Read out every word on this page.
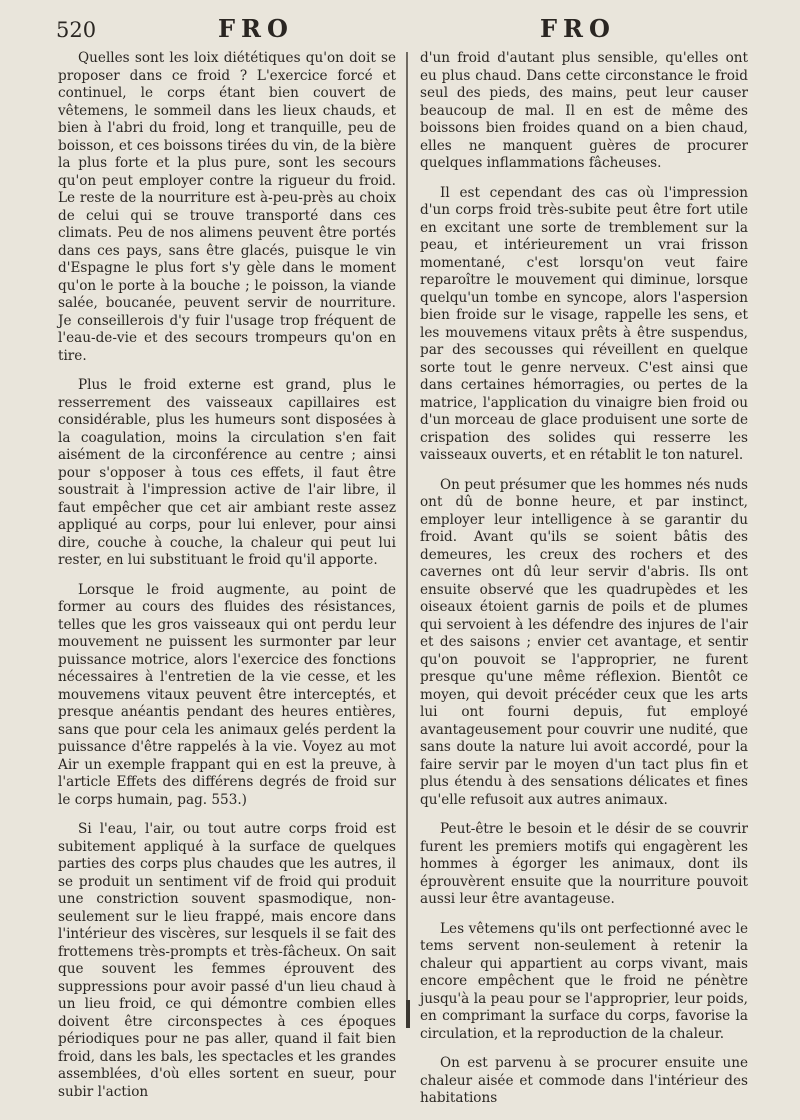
520	FRO	FRO

Quelles sont les loix diététiques qu'on doit se proposer dans ce froid ? L'exercice forcé et continuel, le corps étant bien couvert de vêtemens, le sommeil dans les lieux chauds, et bien à l'abri du froid, long et tranquille, peu de boisson, et ces boissons tirées du vin, de la bière la plus forte et la plus pure, sont les secours qu'on peut employer contre la rigueur du froid. Le reste de la nourriture est à-peu-près au choix de celui qui se trouve transporté dans ces climats. Peu de nos alimens peuvent être portés dans ces pays, sans être glacés, puisque le vin d'Espagne le plus fort s'y gèle dans le moment qu'on le porte à la bouche ; le poisson, la viande salée, boucanée, peuvent servir de nourriture. Je conseillerois d'y fuir l'usage trop fréquent de l'eau-de-vie et des secours trompeurs qu'on en tire.

Plus le froid externe est grand, plus le resserrement des vaisseaux capillaires est considérable, plus les humeurs sont disposées à la coagulation, moins la circulation s'en fait aisément de la circonférence au centre ; ainsi pour s'opposer à tous ces effets, il faut être soustrait à l'impression active de l'air libre, il faut empêcher que cet air ambiant reste assez appliqué au corps, pour lui enlever, pour ainsi dire, couche à couche, la chaleur qui peut lui rester, en lui substituant le froid qu'il apporte.

Lorsque le froid augmente, au point de former au cours des fluides des résistances, telles que les gros vaisseaux qui ont perdu leur mouvement ne puissent les surmonter par leur puissance motrice, alors l'exercice des fonctions nécessaires à l'entretien de la vie cesse, et les mouvemens vitaux peuvent être interceptés, et presque anéantis pendant des heures entières, sans que pour cela les animaux gelés perdent la puissance d'être rappelés à la vie. Voyez au mot Air un exemple frappant qui en est la preuve, à l'article Effets des différens degrés de froid sur le corps humain, pag. 553.)

Si l'eau, l'air, ou tout autre corps froid est subitement appliqué à la surface de quelques parties des corps plus chaudes que les autres, il se produit un sentiment vif de froid qui produit une constriction souvent spasmodique, non-seulement sur le lieu frappé, mais encore dans l'intérieur des viscères, sur lesquels il se fait des frottemens très-prompts et très-fâcheux. On sait que souvent les femmes éprouvent des suppressions pour avoir passé d'un lieu chaud à un lieu froid, ce qui démontre combien elles doivent être circonspectes à ces époques périodiques pour ne pas aller, quand il fait bien froid, dans les bals, les spectacles et les grandes assemblées, d'où elles sortent en sueur, pour subir l'action

d'un froid d'autant plus sensible, qu'elles ont eu plus chaud. Dans cette circonstance le froid seul des pieds, des mains, peut leur causer beaucoup de mal. Il en est de même des boissons bien froides quand on a bien chaud, elles ne manquent guères de procurer quelques inflammations fâcheuses.

Il est cependant des cas où l'impression d'un corps froid très-subite peut être fort utile en excitant une sorte de tremblement sur la peau, et intérieurement un vrai frisson momentané, c'est lorsqu'on veut faire reparoître le mouvement qui diminue, lorsque quelqu'un tombe en syncope, alors l'aspersion bien froide sur le visage, rappelle les sens, et les mouvemens vitaux prêts à être suspendus, par des secousses qui réveillent en quelque sorte tout le genre nerveux. C'est ainsi que dans certaines hémorragies, ou pertes de la matrice, l'application du vinaigre bien froid ou d'un morceau de glace produisent une sorte de crispation des solides qui resserre les vaisseaux ouverts, et en rétablit le ton naturel.

On peut présumer que les hommes nés nuds ont dû de bonne heure, et par instinct, employer leur intelligence à se garantir du froid. Avant qu'ils se soient bâtis des demeures, les creux des rochers et des cavernes ont dû leur servir d'abris. Ils ont ensuite observé que les quadrupèdes et les oiseaux étoient garnis de poils et de plumes qui servoient à les défendre des injures de l'air et des saisons ; envier cet avantage, et sentir qu'on pouvoit se l'approprier, ne furent presque qu'une même réflexion. Bientôt ce moyen, qui devoit précéder ceux que les arts lui ont fourni depuis, fut employé avantageusement pour couvrir une nudité, que sans doute la nature lui avoit accordé, pour la faire servir par le moyen d'un tact plus fin et plus étendu à des sensations délicates et fines qu'elle refusoit aux autres animaux.

Peut-être le besoin et le désir de se couvrir furent les premiers motifs qui engagèrent les hommes à égorger les animaux, dont ils éprouvèrent ensuite que la nourriture pouvoit aussi leur être avantageuse.

Les vêtemens qu'ils ont perfectionné avec le tems servent non-seulement à retenir la chaleur qui appartient au corps vivant, mais encore empêchent que le froid ne pénètre jusqu'à la peau pour se l'approprier, leur poids, en comprimant la surface du corps, favorise la circulation, et la reproduction de la chaleur.

On est parvenu à se procurer ensuite une chaleur aisée et commode dans l'intérieur des habitations
